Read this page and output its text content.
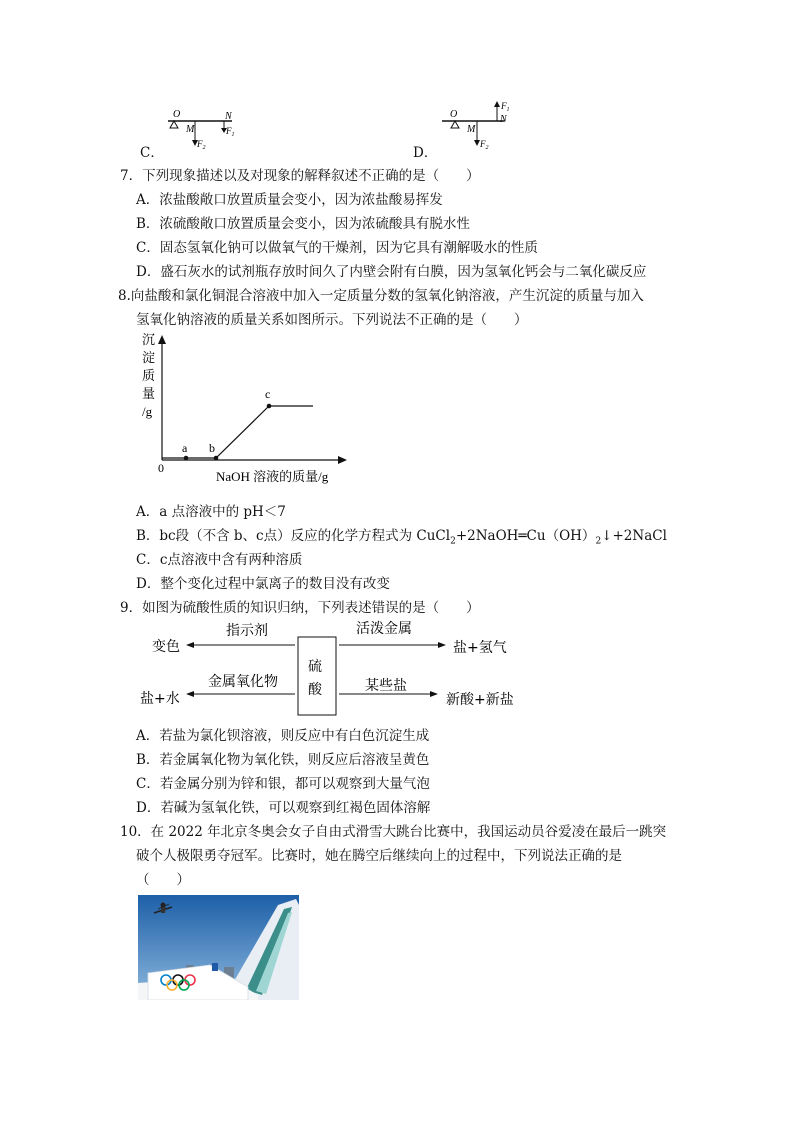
C．
O
M
N
$F_1$
$F_2$	D．
O
M
N
$F_1$
$F_2$
7．下列现象描述以及对现象的解释叙述不正确的是（　　）
A．浓盐酸敞口放置质量会变小，因为浓盐酸易挥发
B．浓硫酸敞口放置质量会变小，因为浓硫酸具有脱水性
C．固态氢氧化钠可以做氧气的干燥剂，因为它具有潮解吸水的性质
D．盛石灰水的试剂瓶存放时间久了内壁会附有白膜，因为氢氧化钙会与二氧化碳反应
8.向盐酸和氯化铜混合溶液中加入一定质量分数的氢氧化钠溶液，产生沉淀的质量与加入
氢氧化钠溶液的质量关系如图所示。下列说法不正确的是（　　）
a b
c
0
沉
淀
质
量
/g
NaOH 溶液的质量/g
A．a 点溶液中的 pH＜7
B．bc段（不含 b、c点）反应的化学方程式为 $CuCl_2+2NaOH═Cu(OH)_2↓+2NaCl$
C．c点溶液中含有两种溶质
D．整个变化过程中氯离子的数目没有改变
9．如图为硫酸性质的知识归纳，下列表述错误的是（　　）
硫
酸
指示剂
变色
活泼金属
盐+氢气
金属氧化物
盐+水
某些盐
新酸+新盐
A．若盐为氯化钡溶液，则反应中有白色沉淀生成
B．若金属氧化物为氧化铁，则反应后溶液呈黄色
C．若金属分别为锌和银，都可以观察到大量气泡
D．若碱为氢氧化铁，可以观察到红褐色固体溶解
10．在 2022 年北京冬奥会女子自由式滑雪大跳台比赛中，我国运动员谷爱凌在最后一跳突
破个人极限勇夺冠军。比赛时，她在腾空后继续向上的过程中，下列说法正确的是
（　　）
